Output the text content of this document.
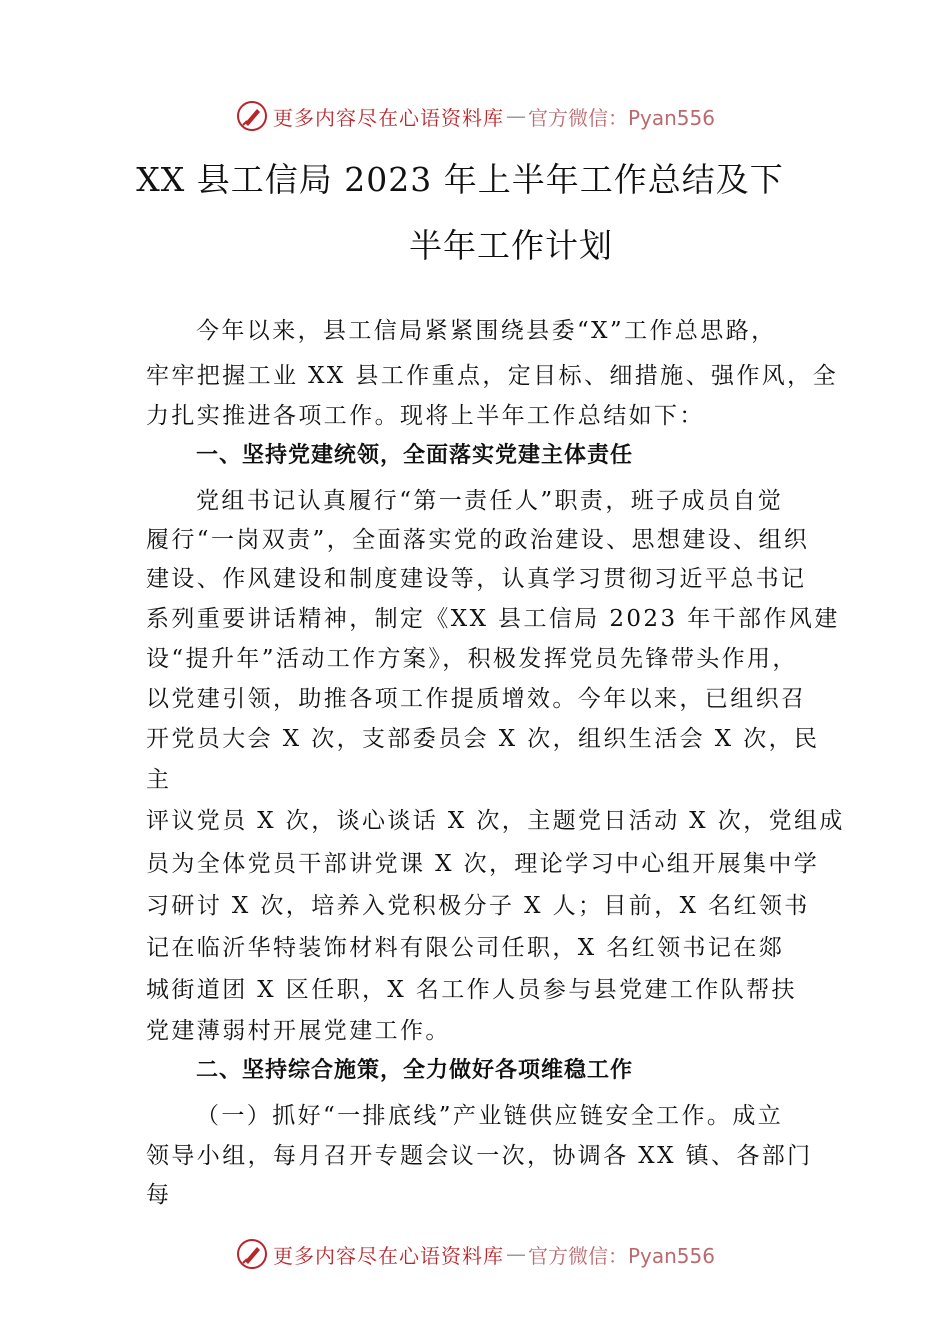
更多内容尽在心语资料库 — 官方微信：Pyan556
XX 县工信局 2023 年上半年工作总结及下
半年工作计划
今年以来，县工信局紧紧围绕县委“X”工作总思路，
牢牢把握工业 XX 县工作重点，定目标、细措施、强作风，全
力扎实推进各项工作。现将上半年工作总结如下：
一、坚持党建统领，全面落实党建主体责任
党组书记认真履行“第一责任人”职责，班子成员自觉
履行“一岗双责”，全面落实党的政治建设、思想建设、组织
建设、作风建设和制度建设等，认真学习贯彻习近平总书记
系列重要讲话精神，制定《XX 县工信局 2023 年干部作风建
设“提升年”活动工作方案》，积极发挥党员先锋带头作用，
以党建引领，助推各项工作提质增效。今年以来，已组织召
开党员大会 X 次，支部委员会 X 次，组织生活会 X 次，民
主
评议党员 X 次，谈心谈话 X 次，主题党日活动 X 次，党组成
员为全体党员干部讲党课 X 次，理论学习中心组开展集中学
习研讨 X 次，培养入党积极分子 X 人；目前，X 名红领书
记在临沂华特装饰材料有限公司任职，X 名红领书记在郯
城街道团 X 区任职，X 名工作人员参与县党建工作队帮扶
党建薄弱村开展党建工作。
二、坚持综合施策，全力做好各项维稳工作
（一）抓好“一排底线”产业链供应链安全工作。成立
领导小组，每月召开专题会议一次，协调各 XX 镇、各部门
每
更多内容尽在心语资料库 — 官方微信：Pyan556
